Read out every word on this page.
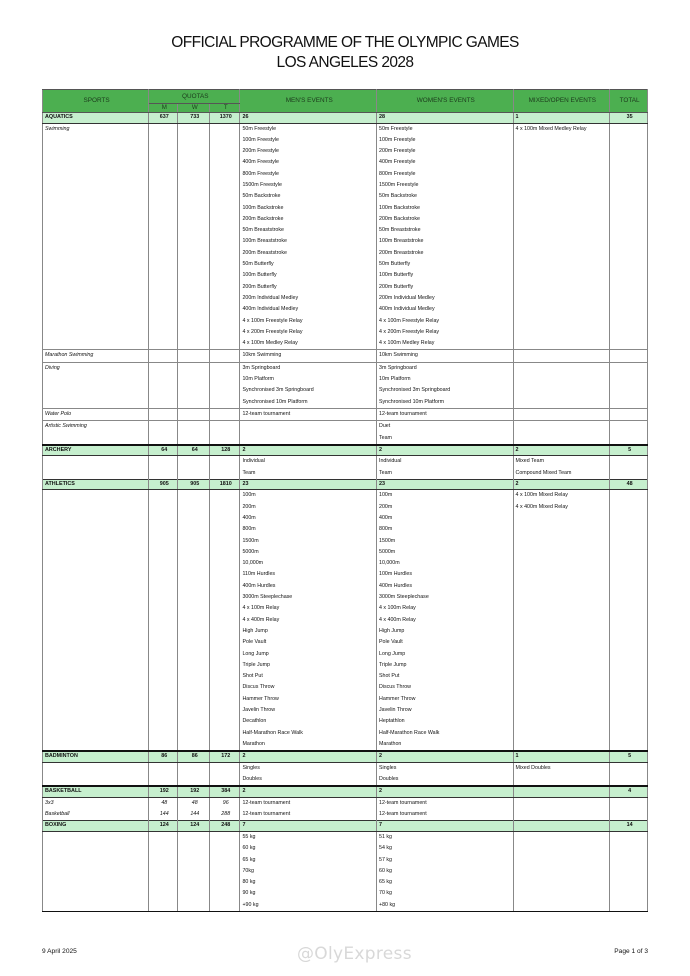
OFFICIAL PROGRAMME OF THE OLYMPIC GAMES
LOS ANGELES 2028
SPORTS	QUOTAS			MEN'S EVENTS	WOMEN'S EVENTS	MIXED/OPEN EVENTS	TOTAL
	M	W	T				
AQUATICS	637	733	1370	26	28	1	35
Swimming				50m Freestyle	50m Freestyle	4 x 100m Mixed Medley Relay	
				100m Freestyle	100m Freestyle		
				200m Freestyle	200m Freestyle		
				400m Freestyle	400m Freestyle		
				800m Freestyle	800m Freestyle		
				1500m Freestyle	1500m Freestyle		
				50m Backstroke	50m Backstroke		
				100m Backstroke	100m Backstroke		
				200m Backstroke	200m Backstroke		
				50m Breaststroke	50m Breaststroke		
				100m Breaststroke	100m Breaststroke		
				200m Breaststroke	200m Breaststroke		
				50m Butterfly	50m Butterfly		
				100m Butterfly	100m Butterfly		
				200m Butterfly	200m Butterfly		
				200m Individual Medley	200m Individual Medley		
				400m Individual Medley	400m Individual Medley		
				4 x 100m Freestyle Relay	4 x 100m Freestyle Relay		
				4 x 200m Freestyle Relay	4 x 200m Freestyle Relay		
				4 x 100m Medley Relay	4 x 100m Medley Relay		
Marathon Swimming				10km Swimming	10km Swimming		
Diving				3m Springboard	3m Springboard		
				10m Platform	10m Platform		
				Synchronised 3m Springboard	Synchronised 3m Springboard		
				Synchronised 10m Platform	Synchronised 10m Platform		
Water Polo				12-team tournament	12-team tournament		
Artistic Swimming					Duet		
					Team		
ARCHERY	64	64	128	2	2	2	5
				Individual	Individual	Mixed Team	
				Team	Team	Compound Mixed Team	
ATHLETICS	905	905	1810	23	23	2	48
				100m	100m	4 x 100m Mixed Relay	
				200m	200m	4 x 400m Mixed Relay	
				400m	400m		
				800m	800m		
				1500m	1500m		
				5000m	5000m		
				10,000m	10,000m		
				110m Hurdles	100m Hurdles		
				400m Hurdles	400m Hurdles		
				3000m Steeplechase	3000m Steeplechase		
				4 x 100m Relay	4 x 100m Relay		
				4 x 400m Relay	4 x 400m Relay		
				High Jump	High Jump		
				Pole Vault	Pole Vault		
				Long Jump	Long Jump		
				Triple Jump	Triple Jump		
				Shot Put	Shot Put		
				Discus Throw	Discus Throw		
				Hammer Throw	Hammer Throw		
				Javelin Throw	Javelin Throw		
				Decathlon	Heptathlon		
				Half-Marathon Race Walk	Half-Marathon Race Walk		
				Marathon	Marathon		
BADMINTON	86	86	172	2	2	1	5
				Singles	Singles	Mixed Doubles	
				Doubles	Doubles		
BASKETBALL	192	192	384	2	2		4
3x3	48	48	96	12-team tournament	12-team tournament		
Basketball	144	144	288	12-team tournament	12-team tournament		
BOXING	124	124	248	7	7		14
				55 kg	51 kg		
				60 kg	54 kg		
				65 kg	57 kg		
				70kg	60 kg		
				80 kg	65 kg		
				90 kg	70 kg		
				+90 kg	+80 kg		
9 April 2025	@OlyExpress	Page 1 of 3
